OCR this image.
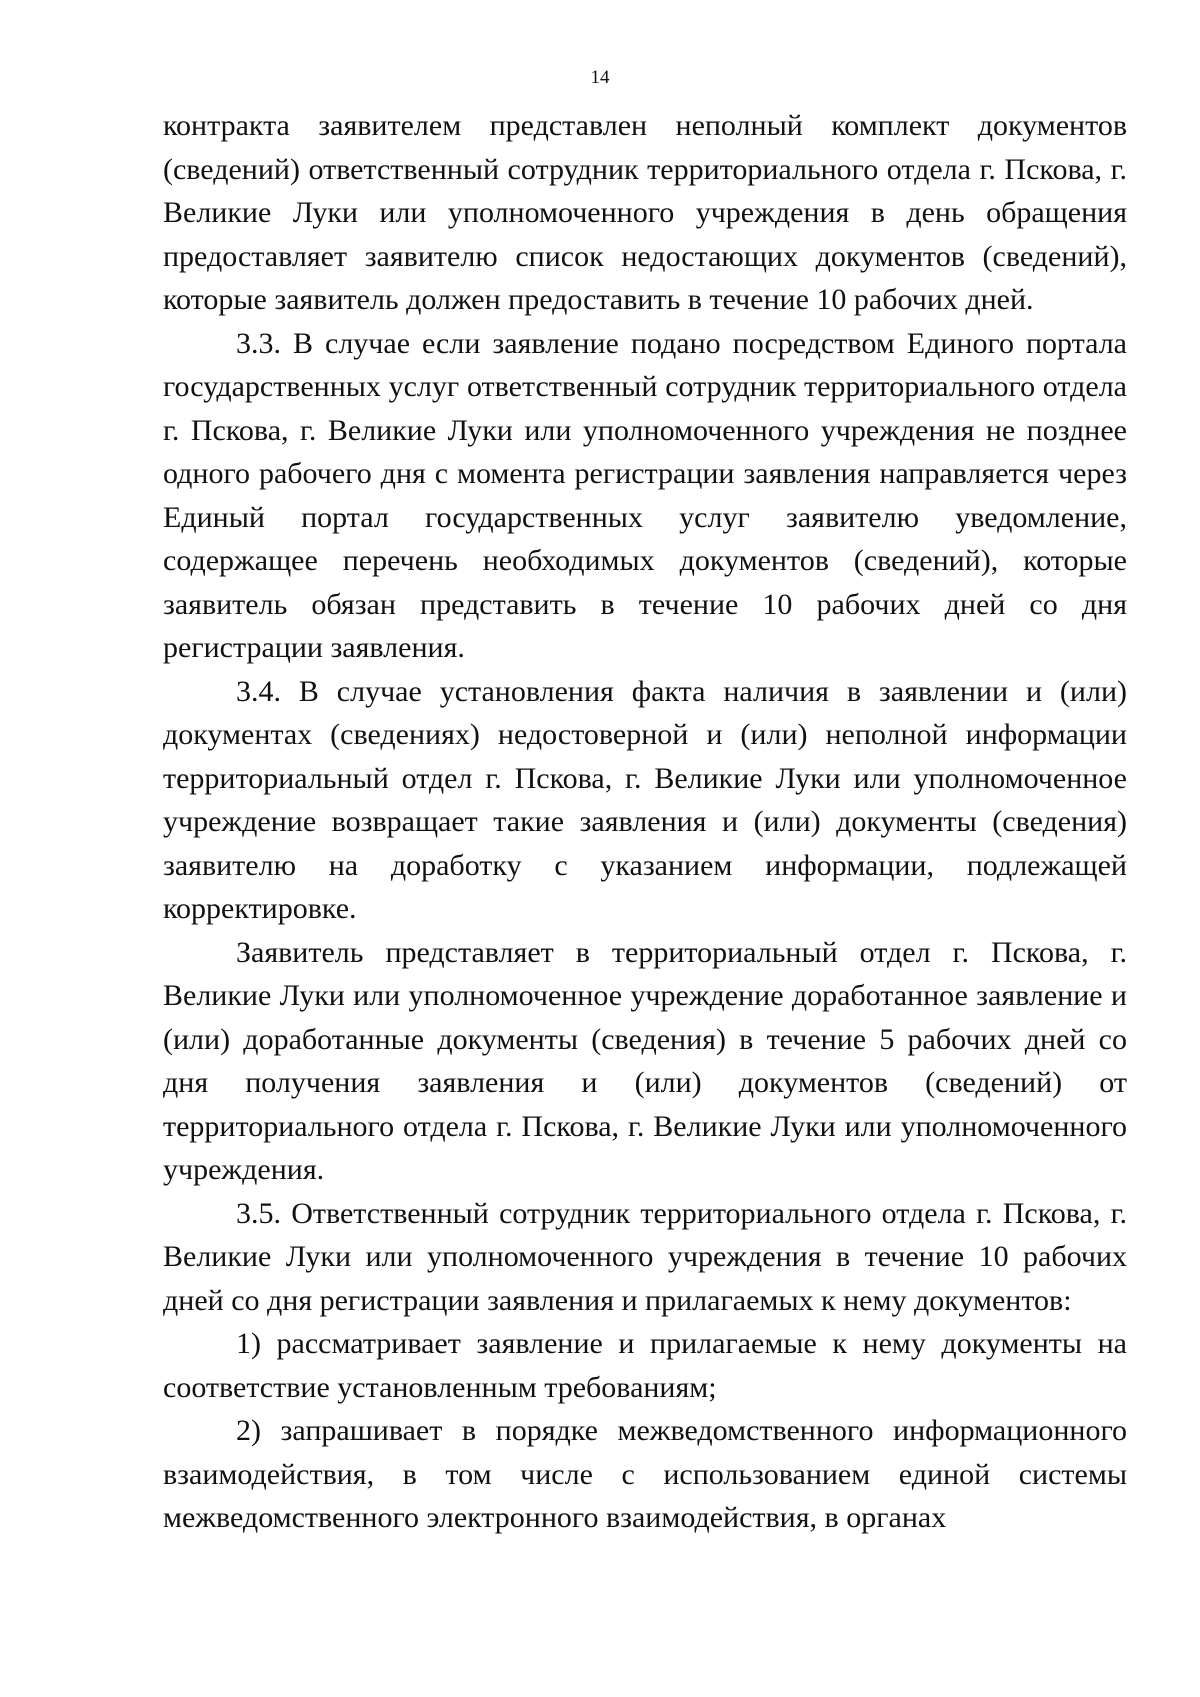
14

контракта заявителем представлен неполный комплект документов (сведений) ответственный сотрудник территориального отдела г. Пскова, г. Великие Луки или уполномоченного учреждения в день обращения предоставляет заявителю список недостающих документов (сведений), которые заявитель должен предоставить в течение 10 рабочих дней.

3.3. В случае если заявление подано посредством Единого портала государственных услуг ответственный сотрудник территориального отдела г. Пскова, г. Великие Луки или уполномоченного учреждения не позднее одного рабочего дня с момента регистрации заявления направляется через Единый портал государственных услуг заявителю уведомление, содержащее перечень необходимых документов (сведений), которые заявитель обязан представить в течение 10 рабочих дней со дня регистрации заявления.

3.4. В случае установления факта наличия в заявлении и (или) документах (сведениях) недостоверной и (или) неполной информации территориальный отдел г. Пскова, г. Великие Луки или уполномоченное учреждение возвращает такие заявления и (или) документы (сведения) заявителю на доработку с указанием информации, подлежащей корректировке.

Заявитель представляет в территориальный отдел г. Пскова, г. Великие Луки или уполномоченное учреждение доработанное заявление и (или) доработанные документы (сведения) в течение 5 рабочих дней со дня получения заявления и (или) документов (сведений) от территориального отдела г. Пскова, г. Великие Луки или уполномоченного учреждения.

3.5. Ответственный сотрудник территориального отдела г. Пскова, г. Великие Луки или уполномоченного учреждения в течение 10 рабочих дней со дня регистрации заявления и прилагаемых к нему документов:

1) рассматривает заявление и прилагаемые к нему документы на соответствие установленным требованиям;

2) запрашивает в порядке межведомственного информационного взаимодействия, в том числе с использованием единой системы межведомственного электронного взаимодействия, в органах
